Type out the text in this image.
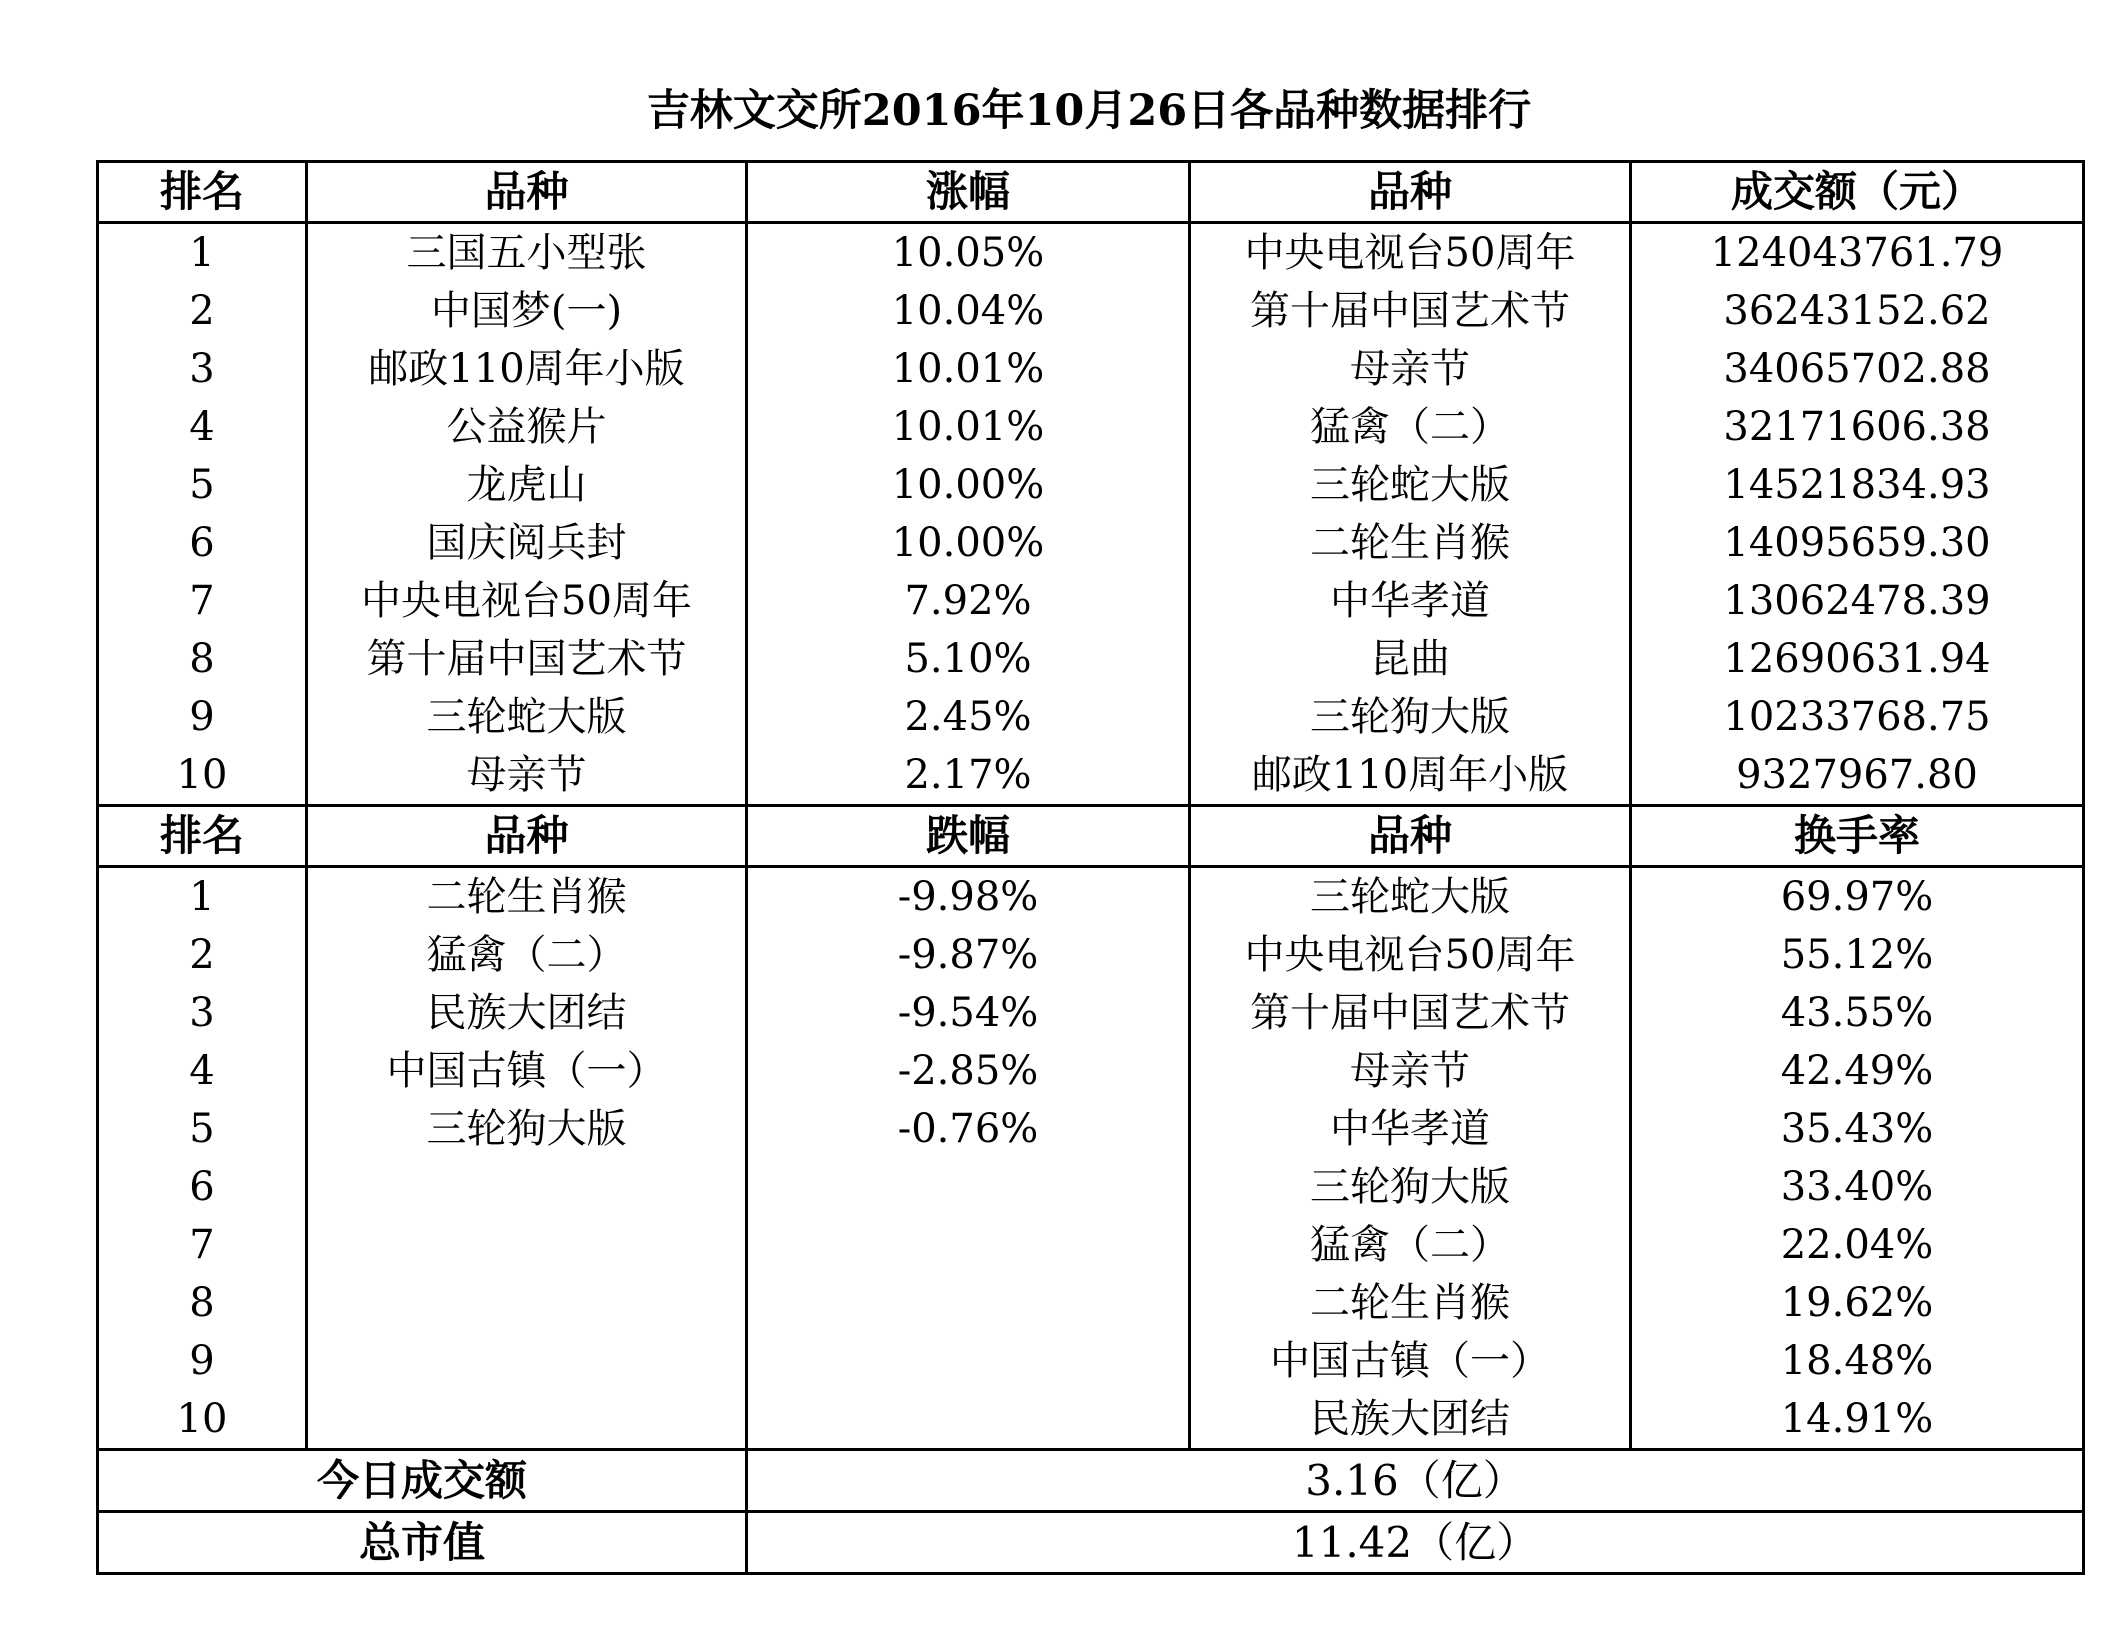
吉林文交所2016年10月26日各品种数据排行
排名	品种	涨幅	品种	成交额（元）
1	三国五小型张	10.05%	中央电视台50周年	124043761.79
2	中国梦(一)	10.04%	第十届中国艺术节	36243152.62
3	邮政110周年小版	10.01%	母亲节	34065702.88
4	公益猴片	10.01%	猛禽（二）	32171606.38
5	龙虎山	10.00%	三轮蛇大版	14521834.93
6	国庆阅兵封	10.00%	二轮生肖猴	14095659.30
7	中央电视台50周年	7.92%	中华孝道	13062478.39
8	第十届中国艺术节	5.10%	昆曲	12690631.94
9	三轮蛇大版	2.45%	三轮狗大版	10233768.75
10	母亲节	2.17%	邮政110周年小版	9327967.80
排名	品种	跌幅	品种	换手率
1	二轮生肖猴	-9.98%	三轮蛇大版	69.97%
2	猛禽（二）	-9.87%	中央电视台50周年	55.12%
3	民族大团结	-9.54%	第十届中国艺术节	43.55%
4	中国古镇（一）	-2.85%	母亲节	42.49%
5	三轮狗大版	-0.76%	中华孝道	35.43%
6			三轮狗大版	33.40%
7			猛禽（二）	22.04%
8			二轮生肖猴	19.62%
9			中国古镇（一）	18.48%
10			民族大团结	14.91%
今日成交额		3.16（亿）		
总市值		11.42（亿）		
